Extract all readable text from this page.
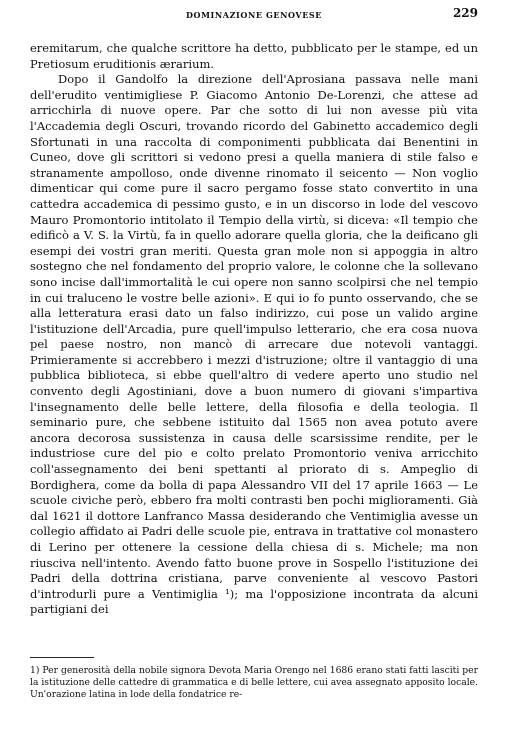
DOMINAZIONE GENOVESE	229

eremitarum, che qualche scrittore ha detto, pubblicato per le stampe, ed un Pretiosum eruditionis ærarium.

Dopo il Gandolfo la direzione dell'Aprosiana passava nelle mani dell'erudito ventimigliese P. Giacomo Antonio De-Lorenzi, che attese ad arricchirla di nuove opere. Par che sotto di lui non avesse più vita l'Accademia degli Oscuri, trovando ricordo del Gabinetto accademico degli Sfortunati in una raccolta di componimenti pubblicata dai Benentini in Cuneo, dove gli scrittori si vedono presi a quella maniera di stile falso e stranamente ampolloso, onde divenne rinomato il seicento — Non voglio dimenticar qui come pure il sacro pergamo fosse stato convertito in una cattedra accademica di pessimo gusto, e in un discorso in lode del vescovo Mauro Promontorio intitolato il Tempio della virtù, si diceva: «Il tempio che edificò a V. S. la Virtù, fa in quello adorare quella gloria, che la deificano gli esempi dei vostri gran meriti. Questa gran mole non si appoggia in altro sostegno che nel fondamento del proprio valore, le colonne che la sollevano sono incise dall'immortalità le cui opere non sanno scolpirsi che nel tempio in cui traluceno le vostre belle azioni». E qui io fo punto osservando, che se alla letteratura erasi dato un falso indirizzo, cui pose un valido argine l'istituzione dell'Arcadia, pure quell'impulso letterario, che era cosa nuova pel paese nostro, non mancò di arrecare due notevoli vantaggi. Primieramente si accrebbero i mezzi d'istruzione; oltre il vantaggio di una pubblica biblioteca, si ebbe quell'altro di vedere aperto uno studio nel convento degli Agostiniani, dove a buon numero di giovani s'impartiva l'insegnamento delle belle lettere, della filosofia e della teologia. Il seminario pure, che sebbene istituito dal 1565 non avea potuto avere ancora decorosa sussistenza in causa delle scarsissime rendite, per le industriose cure del pio e colto prelato Promontorio veniva arricchito coll'assegnamento dei beni spettanti al priorato di s. Ampeglio di Bordighera, come da bolla di papa Alessandro VII del 17 aprile 1663 — Le scuole civiche però, ebbero fra molti contrasti ben pochi miglioramenti. Già dal 1621 il dottore Lanfranco Massa desiderando che Ventimiglia avesse un collegio affidato ai Padri delle scuole pie, entrava in trattative col monastero di Lerino per ottenere la cessione della chiesa di s. Michele; ma non riusciva nell'intento. Avendo fatto buone prove in Sospello l'istituzione dei Padri della dottrina cristiana, parve conveniente al vescovo Pastori d'introdurli pure a Ventimiglia ¹); ma l'opposizione incontrata da alcuni partigiani dei

1) Per generosità della nobile signora Devota Maria Orengo nel 1686 erano stati fatti lasciti per la istituzione delle cattedre di grammatica e di belle lettere, cui avea assegnato apposito locale. Un'orazione latina in lode della fondatrice re-
